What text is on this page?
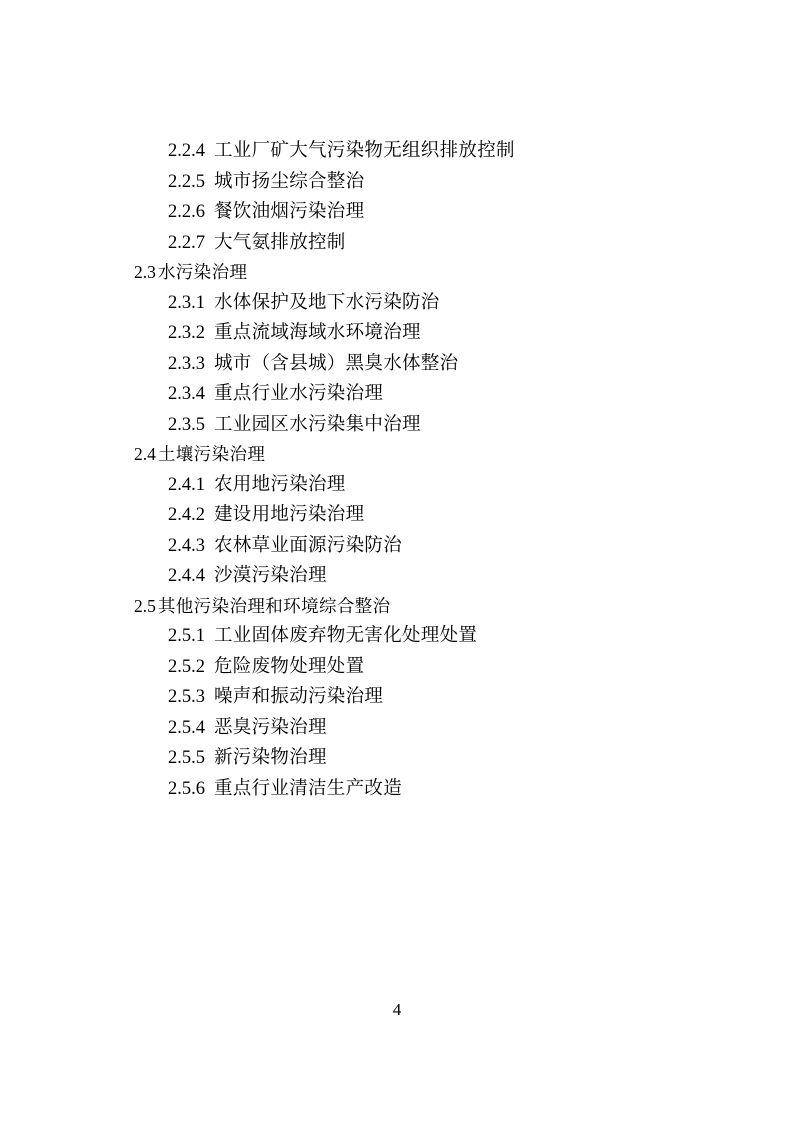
2.2.4 工业厂矿大气污染物无组织排放控制
2.2.5 城市扬尘综合整治
2.2.6 餐饮油烟污染治理
2.2.7 大气氨排放控制
2.3 水污染治理
2.3.1 水体保护及地下水污染防治
2.3.2 重点流域海域水环境治理
2.3.3 城市（含县城）黑臭水体整治
2.3.4 重点行业水污染治理
2.3.5 工业园区水污染集中治理
2.4 土壤污染治理
2.4.1 农用地污染治理
2.4.2 建设用地污染治理
2.4.3 农林草业面源污染防治
2.4.4 沙漠污染治理
2.5 其他污染治理和环境综合整治
2.5.1 工业固体废弃物无害化处理处置
2.5.2 危险废物处理处置
2.5.3 噪声和振动污染治理
2.5.4 恶臭污染治理
2.5.5 新污染物治理
2.5.6 重点行业清洁生产改造
4
